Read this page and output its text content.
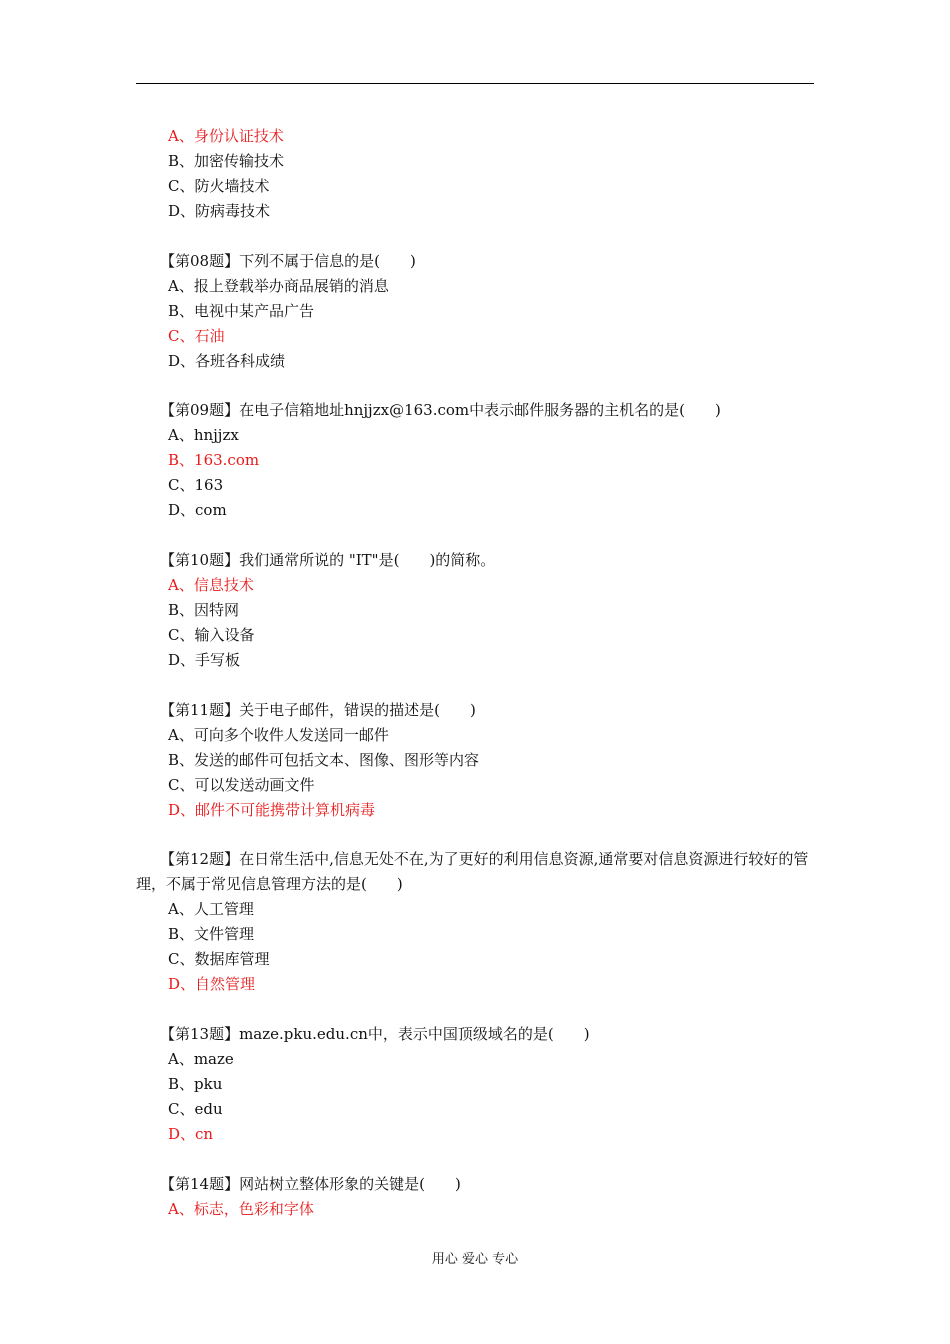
A、身份认证技术
B、加密传输技术
C、防火墙技术
D、防病毒技术
【第08题】下列不属于信息的是(　　)
A、报上登载举办商品展销的消息
B、电视中某产品广告
C、石油
D、各班各科成绩
【第09题】在电子信箱地址hnjjzx@163.com中表示邮件服务器的主机名的是(　　)
A、hnjjzx
B、163.com
C、163
D、com
【第10题】我们通常所说的 "IT"是(　　)的简称。
A、信息技术
B、因特网
C、输入设备
D、手写板
【第11题】关于电子邮件，错误的描述是(　　)
A、可向多个收件人发送同一邮件
B、发送的邮件可包括文本、图像、图形等内容
C、可以发送动画文件
D、邮件不可能携带计算机病毒
【第12题】在日常生活中,信息无处不在,为了更好的利用信息资源,通常要对信息资源进行较好的管理，不属于常见信息管理方法的是(　　)
A、人工管理
B、文件管理
C、数据库管理
D、自然管理
【第13题】maze.pku.edu.cn中，表示中国顶级域名的是(　　)
A、maze
B、pku
C、edu
D、cn
【第14题】网站树立整体形象的关键是(　　)
A、标志，色彩和字体
用心 爱心 专心
